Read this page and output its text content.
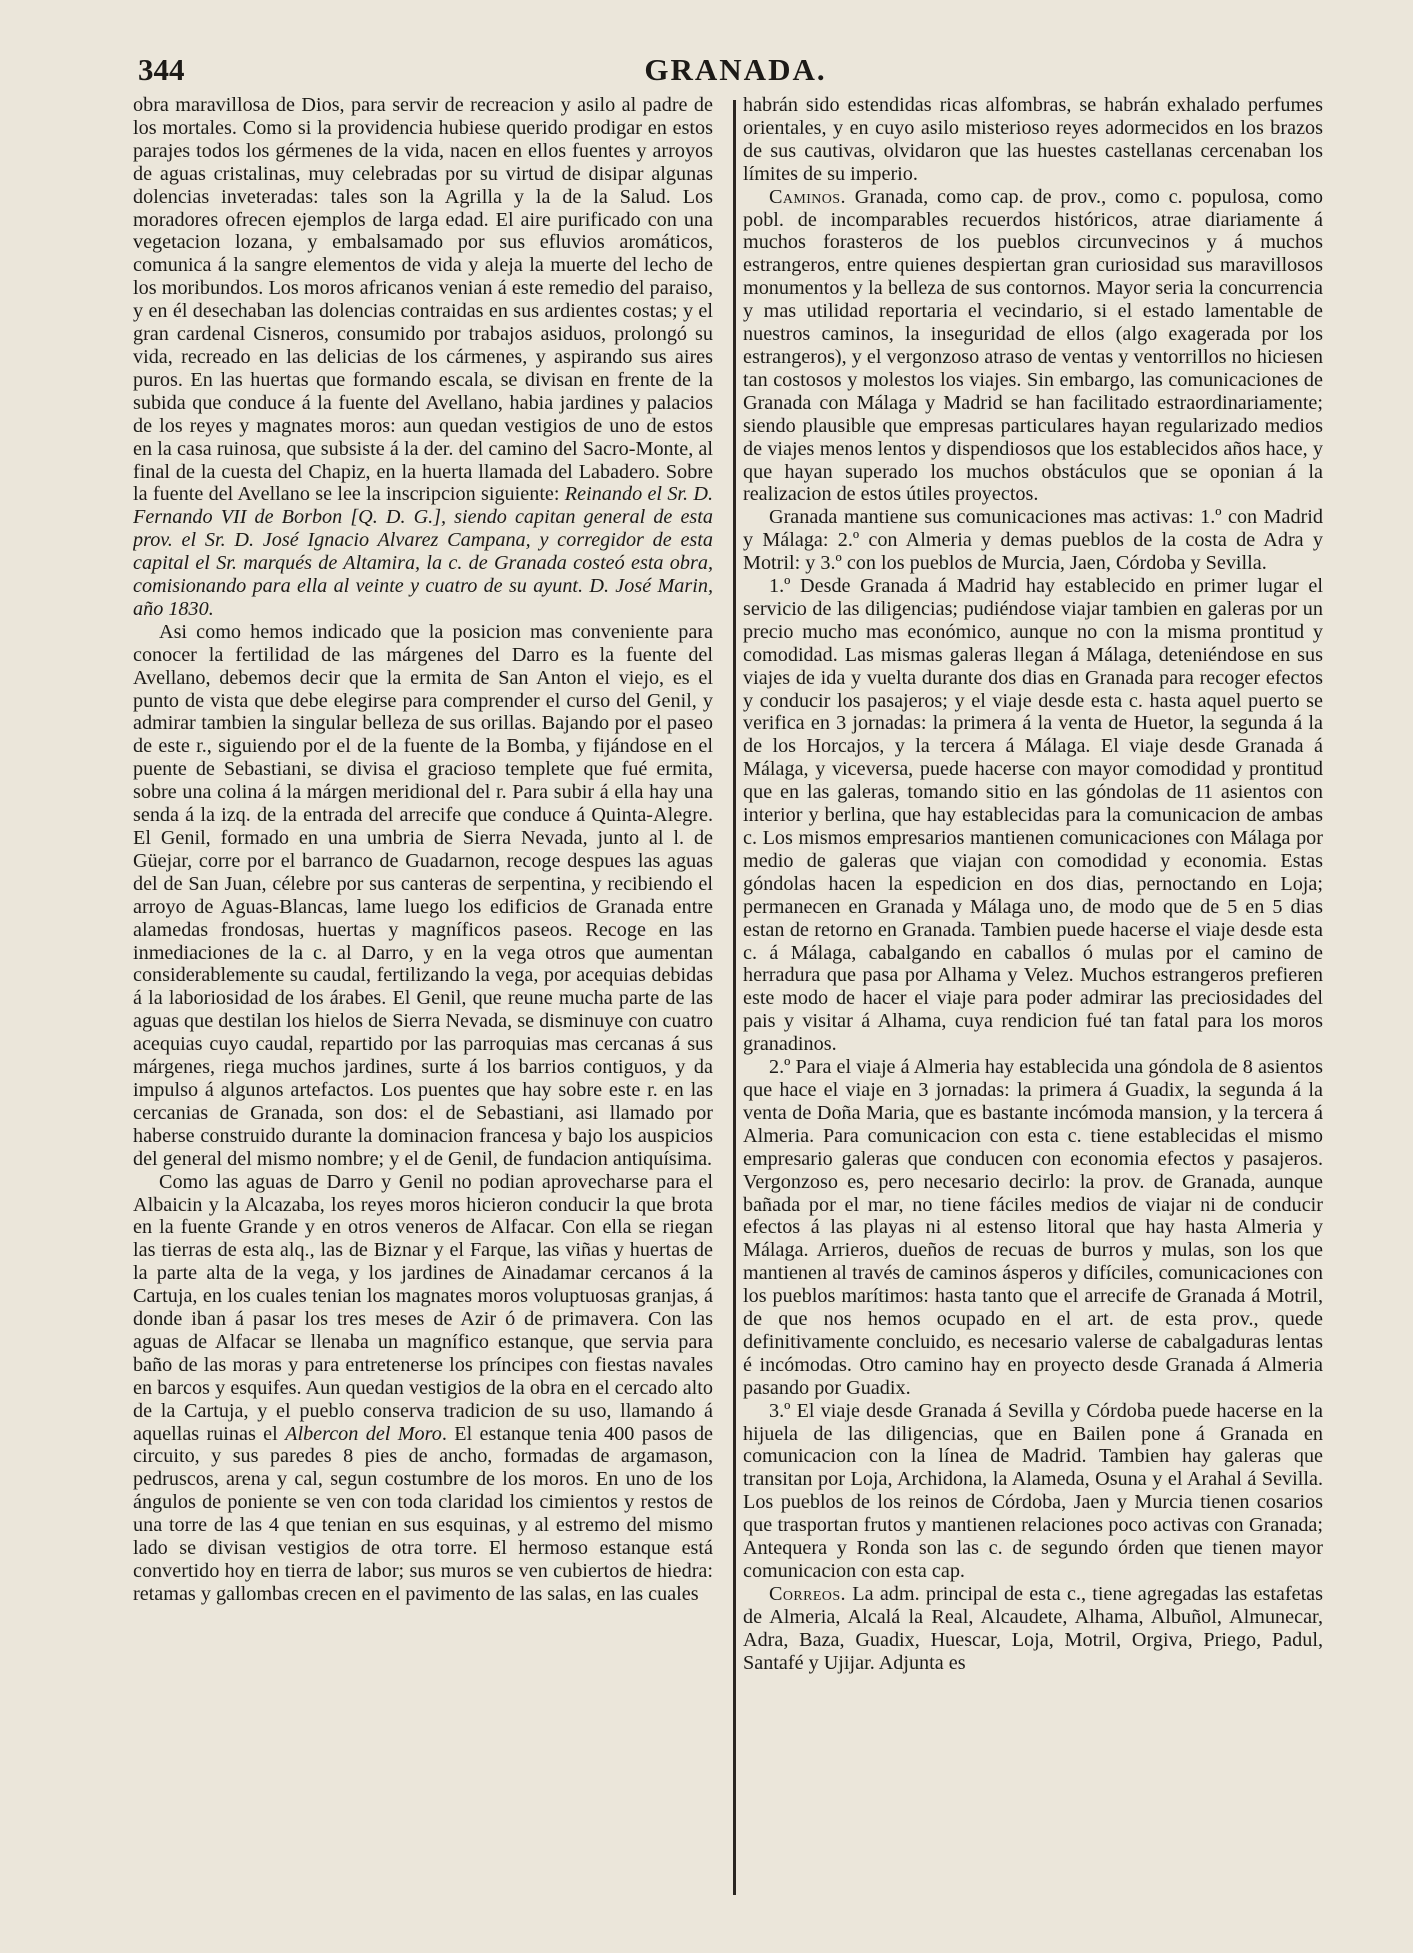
344	GRANADA.

obra maravillosa de Dios, para servir de recreacion y asilo al padre de los mortales. Como si la providencia hubiese querido prodigar en estos parajes todos los gérmenes de la vida, nacen en ellos fuentes y arroyos de aguas cristalinas, muy celebradas por su virtud de disipar algunas dolencias inveteradas: tales son la Agrilla y la de la Salud. Los moradores ofrecen ejemplos de larga edad. El aire purificado con una vegetacion lozana, y embalsamado por sus efluvios aromáticos, comunica á la sangre elementos de vida y aleja la muerte del lecho de los moribundos. Los moros africanos venian á este remedio del paraiso, y en él desechaban las dolencias contraidas en sus ardientes costas; y el gran cardenal Cisneros, consumido por trabajos asiduos, prolongó su vida, recreado en las delicias de los cármenes, y aspirando sus aires puros. En las huertas que formando escala, se divisan en frente de la subida que conduce á la fuente del Avellano, habia jardines y palacios de los reyes y magnates moros: aun quedan vestigios de uno de estos en la casa ruinosa, que subsiste á la der. del camino del Sacro-Monte, al final de la cuesta del Chapiz, en la huerta llamada del Labadero. Sobre la fuente del Avellano se lee la inscripcion siguiente: Reinando el Sr. D. Fernando VII de Borbon [Q. D. G.], siendo capitan general de esta prov. el Sr. D. José Ignacio Alvarez Campana, y corregidor de esta capital el Sr. marqués de Altamira, la c. de Granada costeó esta obra, comisionando para ella al veinte y cuatro de su ayunt. D. José Marin, año 1830.

Asi como hemos indicado que la posicion mas conveniente para conocer la fertilidad de las márgenes del Darro es la fuente del Avellano, debemos decir que la ermita de San Anton el viejo, es el punto de vista que debe elegirse para comprender el curso del Genil, y admirar tambien la singular belleza de sus orillas. Bajando por el paseo de este r., siguiendo por el de la fuente de la Bomba, y fijándose en el puente de Sebastiani, se divisa el gracioso templete que fué ermita, sobre una colina á la márgen meridional del r. Para subir á ella hay una senda á la izq. de la entrada del arrecife que conduce á Quinta-Alegre. El Genil, formado en una umbria de Sierra Nevada, junto al l. de Güejar, corre por el barranco de Guadarnon, recoge despues las aguas del de San Juan, célebre por sus canteras de serpentina, y recibiendo el arroyo de Aguas-Blancas, lame luego los edificios de Granada entre alamedas frondosas, huertas y magníficos paseos. Recoge en las inmediaciones de la c. al Darro, y en la vega otros que aumentan considerablemente su caudal, fertilizando la vega, por acequias debidas á la laboriosidad de los árabes. El Genil, que reune mucha parte de las aguas que destilan los hielos de Sierra Nevada, se disminuye con cuatro acequias cuyo caudal, repartido por las parroquias mas cercanas á sus márgenes, riega muchos jardines, surte á los barrios contiguos, y da impulso á algunos artefactos. Los puentes que hay sobre este r. en las cercanias de Granada, son dos: el de Sebastiani, asi llamado por haberse construido durante la dominacion francesa y bajo los auspicios del general del mismo nombre; y el de Genil, de fundacion antiquísima.

Como las aguas de Darro y Genil no podian aprovecharse para el Albaicin y la Alcazaba, los reyes moros hicieron conducir la que brota en la fuente Grande y en otros veneros de Alfacar. Con ella se riegan las tierras de esta alq., las de Biznar y el Farque, las viñas y huertas de la parte alta de la vega, y los jardines de Ainadamar cercanos á la Cartuja, en los cuales tenian los magnates moros voluptuosas granjas, á donde iban á pasar los tres meses de Azir ó de primavera. Con las aguas de Alfacar se llenaba un magnífico estanque, que servia para baño de las moras y para entretenerse los príncipes con fiestas navales en barcos y esquifes. Aun quedan vestigios de la obra en el cercado alto de la Cartuja, y el pueblo conserva tradicion de su uso, llamando á aquellas ruinas el Albercon del Moro. El estanque tenia 400 pasos de circuito, y sus paredes 8 pies de ancho, formadas de argamason, pedruscos, arena y cal, segun costumbre de los moros. En uno de los ángulos de poniente se ven con toda claridad los cimientos y restos de una torre de las 4 que tenian en sus esquinas, y al estremo del mismo lado se divisan vestigios de otra torre. El hermoso estanque está convertido hoy en tierra de labor; sus muros se ven cubiertos de hiedra: retamas y gallombas crecen en el pavimento de las salas, en las cuales

habrán sido estendidas ricas alfombras, se habrán exhalado perfumes orientales, y en cuyo asilo misterioso reyes adormecidos en los brazos de sus cautivas, olvidaron que las huestes castellanas cercenaban los límites de su imperio.

Caminos. Granada, como cap. de prov., como c. populosa, como pobl. de incomparables recuerdos históricos, atrae diariamente á muchos forasteros de los pueblos circunvecinos y á muchos estrangeros, entre quienes despiertan gran curiosidad sus maravillosos monumentos y la belleza de sus contornos. Mayor seria la concurrencia y mas utilidad reportaria el vecindario, si el estado lamentable de nuestros caminos, la inseguridad de ellos (algo exagerada por los estrangeros), y el vergonzoso atraso de ventas y ventorrillos no hiciesen tan costosos y molestos los viajes. Sin embargo, las comunicaciones de Granada con Málaga y Madrid se han facilitado estraordinariamente; siendo plausible que empresas particulares hayan regularizado medios de viajes menos lentos y dispendiosos que los establecidos años hace, y que hayan superado los muchos obstáculos que se oponian á la realizacion de estos útiles proyectos.

Granada mantiene sus comunicaciones mas activas: 1.º con Madrid y Málaga: 2.º con Almeria y demas pueblos de la costa de Adra y Motril: y 3.º con los pueblos de Murcia, Jaen, Córdoba y Sevilla.

1.º Desde Granada á Madrid hay establecido en primer lugar el servicio de las diligencias; pudiéndose viajar tambien en galeras por un precio mucho mas económico, aunque no con la misma prontitud y comodidad. Las mismas galeras llegan á Málaga, deteniéndose en sus viajes de ida y vuelta durante dos dias en Granada para recoger efectos y conducir los pasajeros; y el viaje desde esta c. hasta aquel puerto se verifica en 3 jornadas: la primera á la venta de Huetor, la segunda á la de los Horcajos, y la tercera á Málaga. El viaje desde Granada á Málaga, y viceversa, puede hacerse con mayor comodidad y prontitud que en las galeras, tomando sitio en las góndolas de 11 asientos con interior y berlina, que hay establecidas para la comunicacion de ambas c. Los mismos empresarios mantienen comunicaciones con Málaga por medio de galeras que viajan con comodidad y economia. Estas góndolas hacen la espedicion en dos dias, pernoctando en Loja; permanecen en Granada y Málaga uno, de modo que de 5 en 5 dias estan de retorno en Granada. Tambien puede hacerse el viaje desde esta c. á Málaga, cabalgando en caballos ó mulas por el camino de herradura que pasa por Alhama y Velez. Muchos estrangeros prefieren este modo de hacer el viaje para poder admirar las preciosidades del pais y visitar á Alhama, cuya rendicion fué tan fatal para los moros granadinos.

2.º Para el viaje á Almeria hay establecida una góndola de 8 asientos que hace el viaje en 3 jornadas: la primera á Guadix, la segunda á la venta de Doña Maria, que es bastante incómoda mansion, y la tercera á Almeria. Para comunicacion con esta c. tiene establecidas el mismo empresario galeras que conducen con economia efectos y pasajeros. Vergonzoso es, pero necesario decirlo: la prov. de Granada, aunque bañada por el mar, no tiene fáciles medios de viajar ni de conducir efectos á las playas ni al estenso litoral que hay hasta Almeria y Málaga. Arrieros, dueños de recuas de burros y mulas, son los que mantienen al través de caminos ásperos y difíciles, comunicaciones con los pueblos marítimos: hasta tanto que el arrecife de Granada á Motril, de que nos hemos ocupado en el art. de esta prov., quede definitivamente concluido, es necesario valerse de cabalgaduras lentas é incómodas. Otro camino hay en proyecto desde Granada á Almeria pasando por Guadix.

3.º El viaje desde Granada á Sevilla y Córdoba puede hacerse en la hijuela de las diligencias, que en Bailen pone á Granada en comunicacion con la línea de Madrid. Tambien hay galeras que transitan por Loja, Archidona, la Alameda, Osuna y el Arahal á Sevilla. Los pueblos de los reinos de Córdoba, Jaen y Murcia tienen cosarios que trasportan frutos y mantienen relaciones poco activas con Granada; Antequera y Ronda son las c. de segundo órden que tienen mayor comunicacion con esta cap.

Correos. La adm. principal de esta c., tiene agregadas las estafetas de Almeria, Alcalá la Real, Alcaudete, Alhama, Albuñol, Almunecar, Adra, Baza, Guadix, Huescar, Loja, Motril, Orgiva, Priego, Padul, Santafé y Ujijar. Adjunta es
